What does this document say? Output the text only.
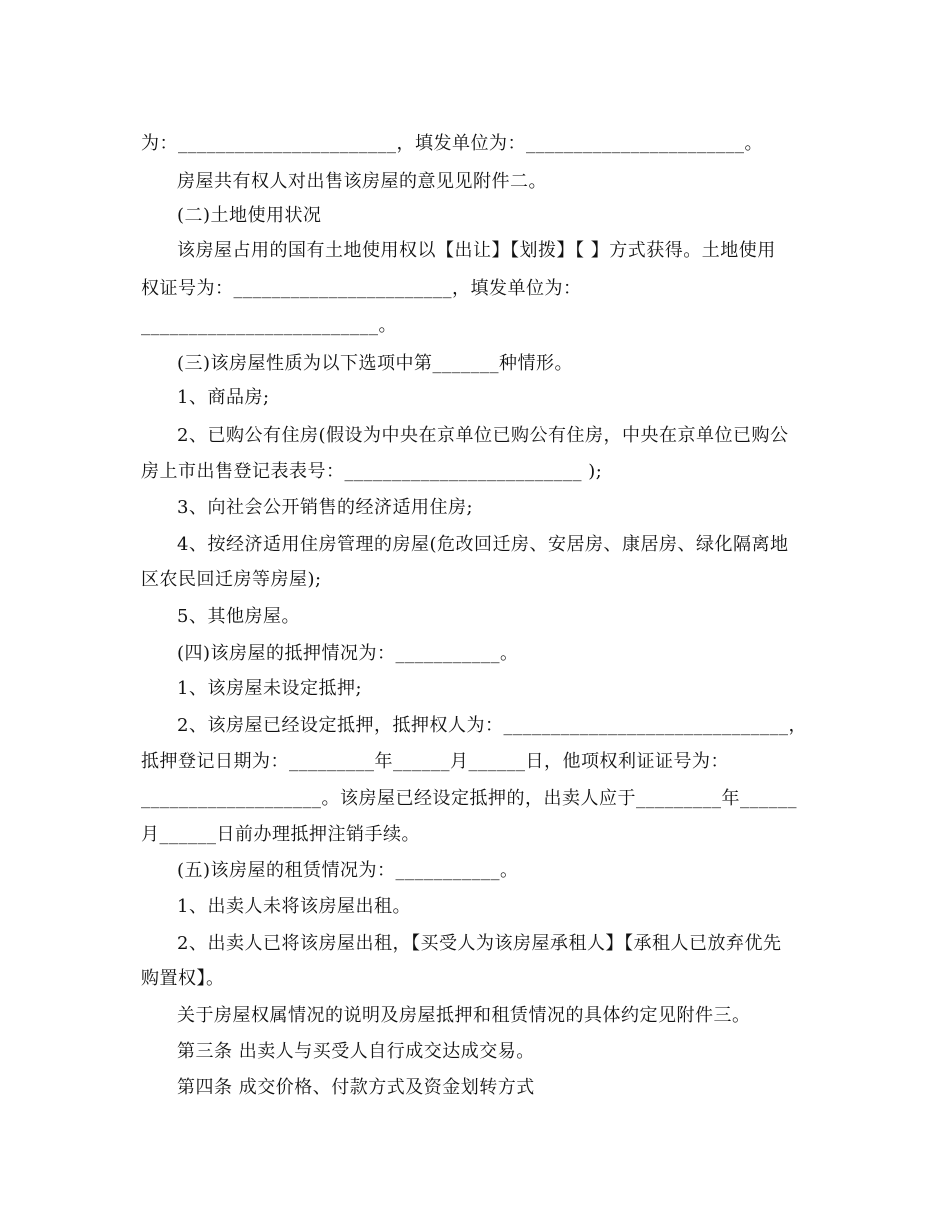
为：_______________________，填发单位为：_______________________。
房屋共有权人对出售该房屋的意见见附件二。
(二)土地使用状况
该房屋占用的国有土地使用权以【出让】【划拨】【 】方式获得。土地使用
权证号为：_______________________，填发单位为：
_________________________。
(三)该房屋性质为以下选项中第_______种情形。
1、商品房;
2、已购公有住房(假设为中央在京单位已购公有住房，中央在京单位已购公
房上市出售登记表表号：_________________________ );
3、向社会公开销售的经济适用住房;
4、按经济适用住房管理的房屋(危改回迁房、安居房、康居房、绿化隔离地
区农民回迁房等房屋);
5、其他房屋。
(四)该房屋的抵押情况为：___________。
1、该房屋未设定抵押;
2、该房屋已经设定抵押，抵押权人为：______________________________，
抵押登记日期为：_________年______月______日，他项权利证证号为：
___________________。该房屋已经设定抵押的，出卖人应于_________年______
月______日前办理抵押注销手续。
(五)该房屋的租赁情况为：___________。
1、出卖人未将该房屋出租。
2、出卖人已将该房屋出租，【买受人为该房屋承租人】【承租人已放弃优先
购置权】。
关于房屋权属情况的说明及房屋抵押和租赁情况的具体约定见附件三。
第三条 出卖人与买受人自行成交达成交易。
第四条 成交价格、付款方式及资金划转方式
